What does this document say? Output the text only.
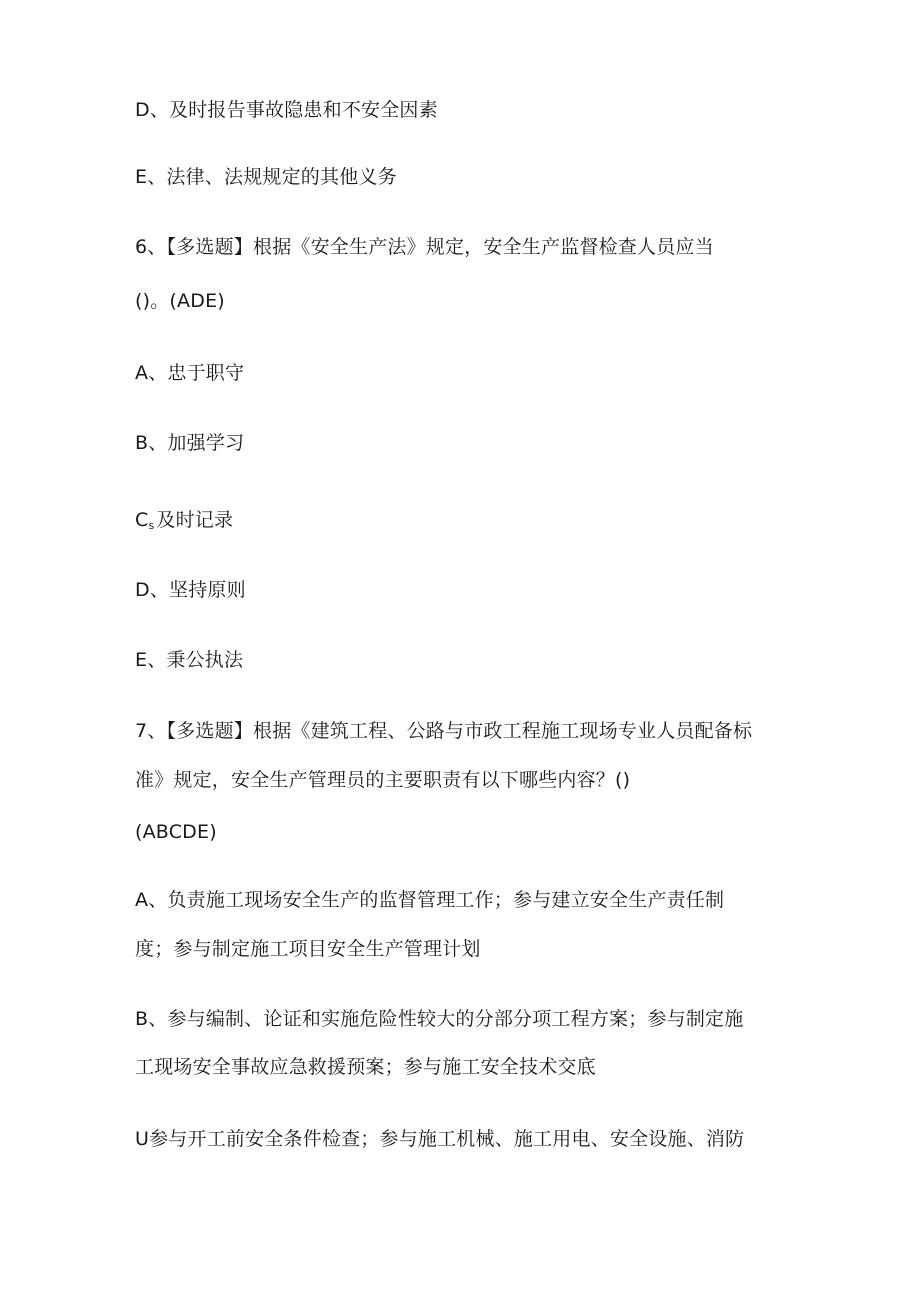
D、及时报告事故隐患和不安全因素
E、法律、法规规定的其他义务
6、【多选题】根据《安全生产法》规定，安全生产监督检查人员应当
()。(ADE)
A、忠于职守
B、加强学习
$C_s$ 及时记录
D、坚持原则
E、秉公执法
7、【多选题】根据《建筑工程、公路与市政工程施工现场专业人员配备标
准》规定，安全生产管理员的主要职责有以下哪些内容？()
(ABCDE)
A、负责施工现场安全生产的监督管理工作；参与建立安全生产责任制
度；参与制定施工项目安全生产管理计划
B、参与编制、论证和实施危险性较大的分部分项工程方案；参与制定施
工现场安全事故应急救援预案；参与施工安全技术交底
U参与开工前安全条件检查；参与施工机械、施工用电、安全设施、消防
